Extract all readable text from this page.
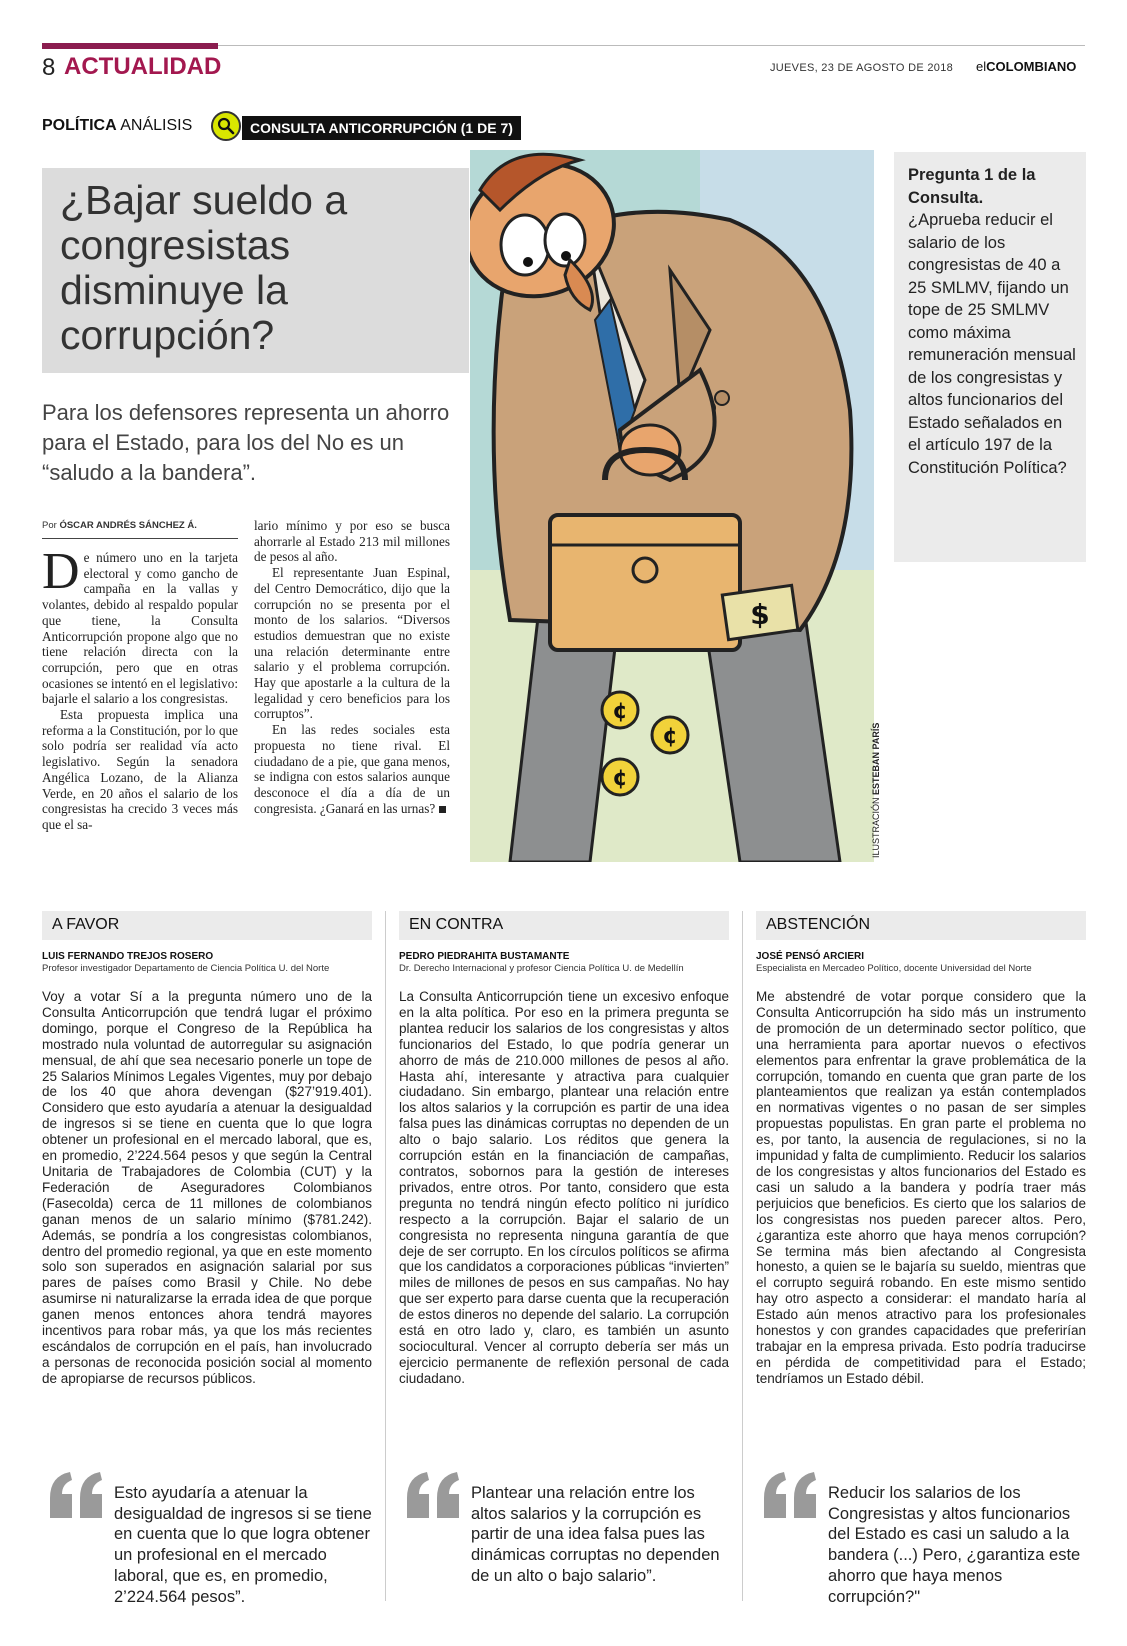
8 ACTUALIDAD	JUEVES, 23 DE AGOSTO DE 2018 elCOLOMBIANO
POLÍTICA ANÁLISIS	CONSULTA ANTICORRUPCIÓN (1 DE 7)
¿Bajar sueldo a congresistas disminuye la corrupción?
Para los defensores representa un ahorro para el Estado, para los del No es un “saludo a la bandera”.
Por ÓSCAR ANDRÉS SÁNCHEZ Á.

De número uno en la tarjeta electoral y como gancho de campaña en la vallas y volantes, debido al respaldo popular que tiene, la Consulta Anticorrupción propone algo que no tiene relación directa con la corrupción, pero que en otras ocasiones se intentó en el legislativo: bajarle el salario a los congresistas.

Esta propuesta implica una reforma a la Constitución, por lo que solo podría ser realidad vía acto legislativo. Según la senadora Angélica Lozano, de la Alianza Verde, en 20 años el salario de los congresistas ha crecido 3 veces más que el sa-

lario mínimo y por eso se busca ahorrarle al Estado 213 mil millones de pesos al año.

El representante Juan Espinal, del Centro Democrático, dijo que la corrupción no se presenta por el monto de los salarios. “Diversos estudios demuestran que no existe una relación determinante entre salario y el problema corrupción. Hay que apostarle a la cultura de la legalidad y cero beneficios para los corruptos”.

En las redes sociales esta propuesta no tiene rival. El ciudadano de a pie, que gana menos, se indigna con estos salarios aunque desconoce el día a día de un congresista. ¿Ganará en las urnas?

$
¢
¢
¢
ILUSTRACIÓN ESTEBAN PARÍS
Pregunta 1 de la Consulta.
¿Aprueba reducir el salario de los congresistas de 40 a 25 SMLMV, fijando un tope de 25 SMLMV como máxima remuneración mensual de los congresistas y altos funcionarios del Estado señalados en el artículo 197 de la Constitución Política?
A FAVOR
LUIS FERNANDO TREJOS ROSERO
Profesor investigador Departamento de Ciencia Política U. del Norte
Voy a votar Sí a la pregunta número uno de la Consulta Anticorrupción que tendrá lugar el próximo domingo, porque el Congreso de la República ha mostrado nula voluntad de autorregular su asignación mensual, de ahí que sea necesario ponerle un tope de 25 Salarios Mínimos Legales Vigentes, muy por debajo de los 40 que ahora devengan ($27’919.401). Considero que esto ayudaría a atenuar la desigualdad de ingresos si se tiene en cuenta que lo que logra obtener un profesional en el mercado laboral, que es, en promedio, 2’224.564 pesos y que según la Central Unitaria de Trabajadores de Colombia (CUT) y la Federación de Aseguradores Colombianos (Fasecolda) cerca de 11 millones de colombianos ganan menos de un salario mínimo ($781.242). Además, se pondría a los congresistas colombianos, dentro del promedio regional, ya que en este momento solo son superados en asignación salarial por sus pares de países como Brasil y Chile. No debe asumirse ni naturalizarse la errada idea de que porque ganen menos entonces ahora tendrá mayores incentivos para robar más, ya que los más recientes escándalos de corrupción en el país, han involucrado a personas de reconocida posición social al momento de apropiarse de recursos públicos.
EN CONTRA
PEDRO PIEDRAHITA BUSTAMANTE
Dr. Derecho Internacional y profesor Ciencia Política U. de Medellín
La Consulta Anticorrupción tiene un excesivo enfoque en la alta política. Por eso en la primera pregunta se plantea reducir los salarios de los congresistas y altos funcionarios del Estado, lo que podría generar un ahorro de más de 210.000 millones de pesos al año. Hasta ahí, interesante y atractiva para cualquier ciudadano. Sin embargo, plantear una relación entre los altos salarios y la corrupción es partir de una idea falsa pues las dinámicas corruptas no dependen de un alto o bajo salario. Los réditos que genera la corrupción están en la financiación de campañas, contratos, sobornos para la gestión de intereses privados, entre otros. Por tanto, considero que esta pregunta no tendrá ningún efecto político ni jurídico respecto a la corrupción. Bajar el salario de un congresista no representa ninguna garantía de que deje de ser corrupto. En los círculos políticos se afirma que los candidatos a corporaciones públicas “invierten” miles de millones de pesos en sus campañas. No hay que ser experto para darse cuenta que la recuperación de estos dineros no depende del salario. La corrupción está en otro lado y, claro, es también un asunto sociocultural. Vencer al corrupto debería ser más un ejercicio permanente de reflexión personal de cada ciudadano.
ABSTENCIÓN
JOSÉ PENSÓ ARCIERI
Especialista en Mercadeo Político, docente Universidad del Norte
Me abstendré de votar porque considero que la Consulta Anticorrupción ha sido más un instrumento de promoción de un determinado sector político, que una herramienta para aportar nuevos o efectivos elementos para enfrentar la grave problemática de la corrupción, tomando en cuenta que gran parte de los planteamientos que realizan ya están contemplados en normativas vigentes o no pasan de ser simples propuestas populistas. En gran parte el problema no es, por tanto, la ausencia de regulaciones, si no la impunidad y falta de cumplimiento. Reducir los salarios de los congresistas y altos funcionarios del Estado es casi un saludo a la bandera y podría traer más perjuicios que beneficios. Es cierto que los salarios de los congresistas nos pueden parecer altos. Pero, ¿garantiza este ahorro que haya menos corrupción? Se termina más bien afectando al Congresista honesto, a quien se le bajaría su sueldo, mientras que el corrupto seguirá robando. En este mismo sentido hay otro aspecto a considerar: el mandato haría al Estado aún menos atractivo para los profesionales honestos y con grandes capacidades que preferirían trabajar en la empresa privada. Esto podría traducirse en pérdida de competitividad para el Estado; tendríamos un Estado débil.
Esto ayudaría a atenuar la desigualdad de ingresos si se tiene en cuenta que lo que logra obtener un profesional en el mercado laboral, que es, en promedio, 2’224.564 pesos”.
Plantear una relación entre los altos salarios y la corrupción es partir de una idea falsa pues las dinámicas corruptas no dependen de un alto o bajo salario”.
Reducir los salarios de los Congresistas y altos funcionarios del Estado es casi un saludo a la bandera (...) Pero, ¿garantiza este ahorro que haya menos corrupción?"
